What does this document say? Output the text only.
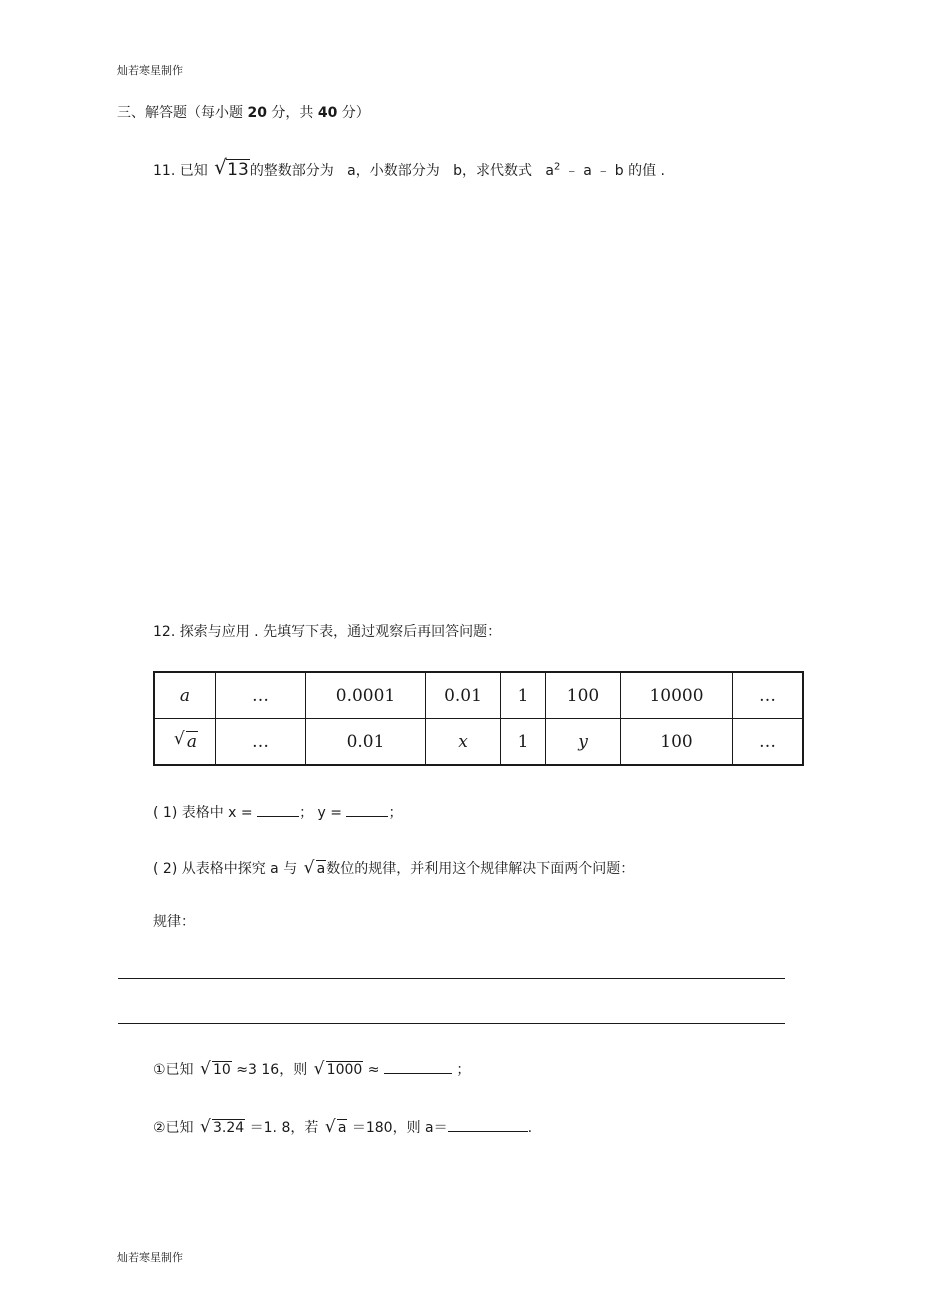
灿若寒星制作
三、解答题（每小题 20 分，共 40 分）
11. 已知 √ 13的整数部分为 a，小数部分为 b，求代数式 $a^2$ ﹣ a ﹣ b 的值 .
12. 探索与应用 . 先填写下表，通过观察后再回答问题：
a	…	0.0001	0.01	1	100	10000	…

√ a	…	0.01	x	1	y	100	…
( 1) 表格中 x =	； y =	；
( 2) 从表格中探究 a 与 √ a数位的规律，并利用这个规律解决下面两个问题：
规律：
①已知 √ 10 ≈3 16，则 √ 1000 ≈	；
②已知 √ 3.24 ＝1. 8，若 √ a ＝180，则 a＝	.
灿若寒星制作
